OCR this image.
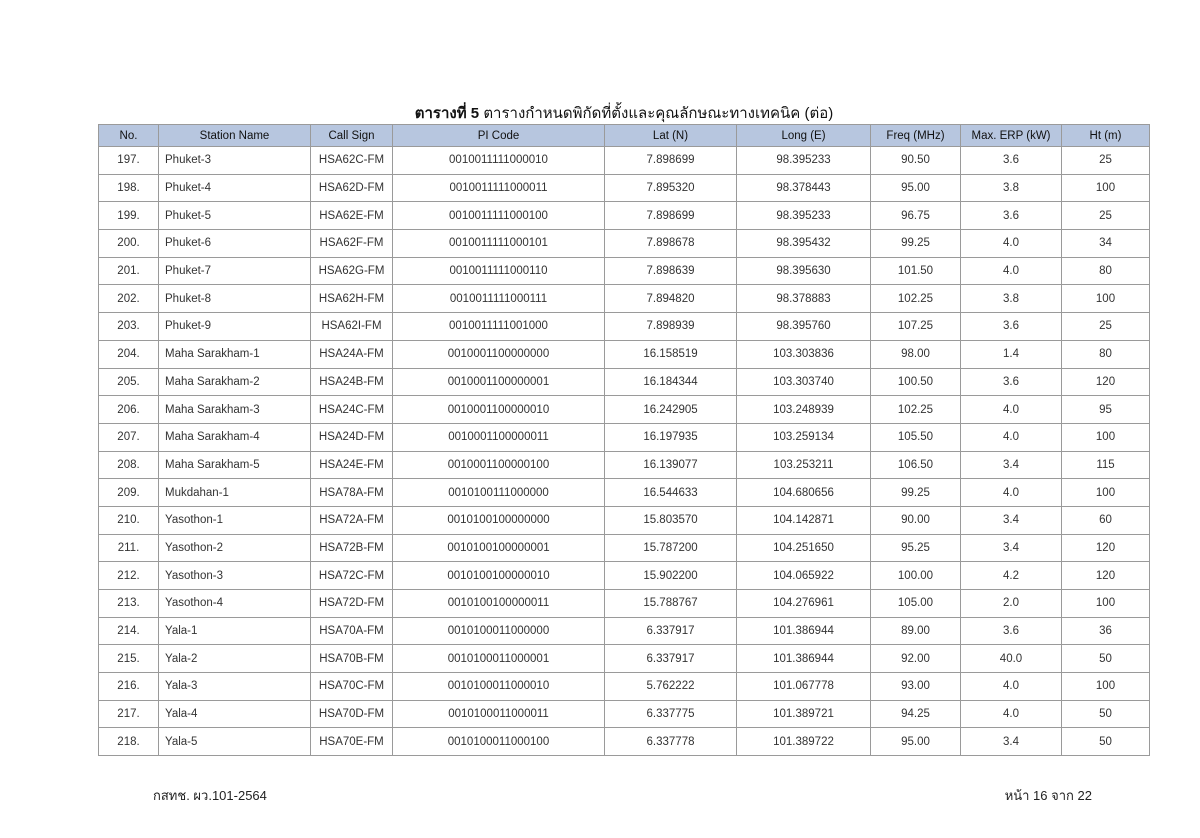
ตารางที่ 5 ตารางกำหนดพิกัดที่ตั้งและคุณลักษณะทางเทคนิค (ต่อ)
No.	Station Name	Call Sign	PI Code	Lat (N)	Long (E)	Freq (MHz)	Max. ERP (kW)	Ht (m)
197.	Phuket-3	HSA62C-FM	0010011111000010	7.898699	98.395233	90.50	3.6	25
198.	Phuket-4	HSA62D-FM	0010011111000011	7.895320	98.378443	95.00	3.8	100
199.	Phuket-5	HSA62E-FM	0010011111000100	7.898699	98.395233	96.75	3.6	25
200.	Phuket-6	HSA62F-FM	0010011111000101	7.898678	98.395432	99.25	4.0	34
201.	Phuket-7	HSA62G-FM	0010011111000110	7.898639	98.395630	101.50	4.0	80
202.	Phuket-8	HSA62H-FM	0010011111000111	7.894820	98.378883	102.25	3.8	100
203.	Phuket-9	HSA62I-FM	0010011111001000	7.898939	98.395760	107.25	3.6	25
204.	Maha Sarakham-1	HSA24A-FM	0010001100000000	16.158519	103.303836	98.00	1.4	80
205.	Maha Sarakham-2	HSA24B-FM	0010001100000001	16.184344	103.303740	100.50	3.6	120
206.	Maha Sarakham-3	HSA24C-FM	0010001100000010	16.242905	103.248939	102.25	4.0	95
207.	Maha Sarakham-4	HSA24D-FM	0010001100000011	16.197935	103.259134	105.50	4.0	100
208.	Maha Sarakham-5	HSA24E-FM	0010001100000100	16.139077	103.253211	106.50	3.4	115
209.	Mukdahan-1	HSA78A-FM	0010100111000000	16.544633	104.680656	99.25	4.0	100
210.	Yasothon-1	HSA72A-FM	0010100100000000	15.803570	104.142871	90.00	3.4	60
211.	Yasothon-2	HSA72B-FM	0010100100000001	15.787200	104.251650	95.25	3.4	120
212.	Yasothon-3	HSA72C-FM	0010100100000010	15.902200	104.065922	100.00	4.2	120
213.	Yasothon-4	HSA72D-FM	0010100100000011	15.788767	104.276961	105.00	2.0	100
214.	Yala-1	HSA70A-FM	0010100011000000	6.337917	101.386944	89.00	3.6	36
215.	Yala-2	HSA70B-FM	0010100011000001	6.337917	101.386944	92.00	40.0	50
216.	Yala-3	HSA70C-FM	0010100011000010	5.762222	101.067778	93.00	4.0	100
217.	Yala-4	HSA70D-FM	0010100011000011	6.337775	101.389721	94.25	4.0	50
218.	Yala-5	HSA70E-FM	0010100011000100	6.337778	101.389722	95.00	3.4	50
กสทช. ผว.101-2564	หน้า 16 จาก 22
